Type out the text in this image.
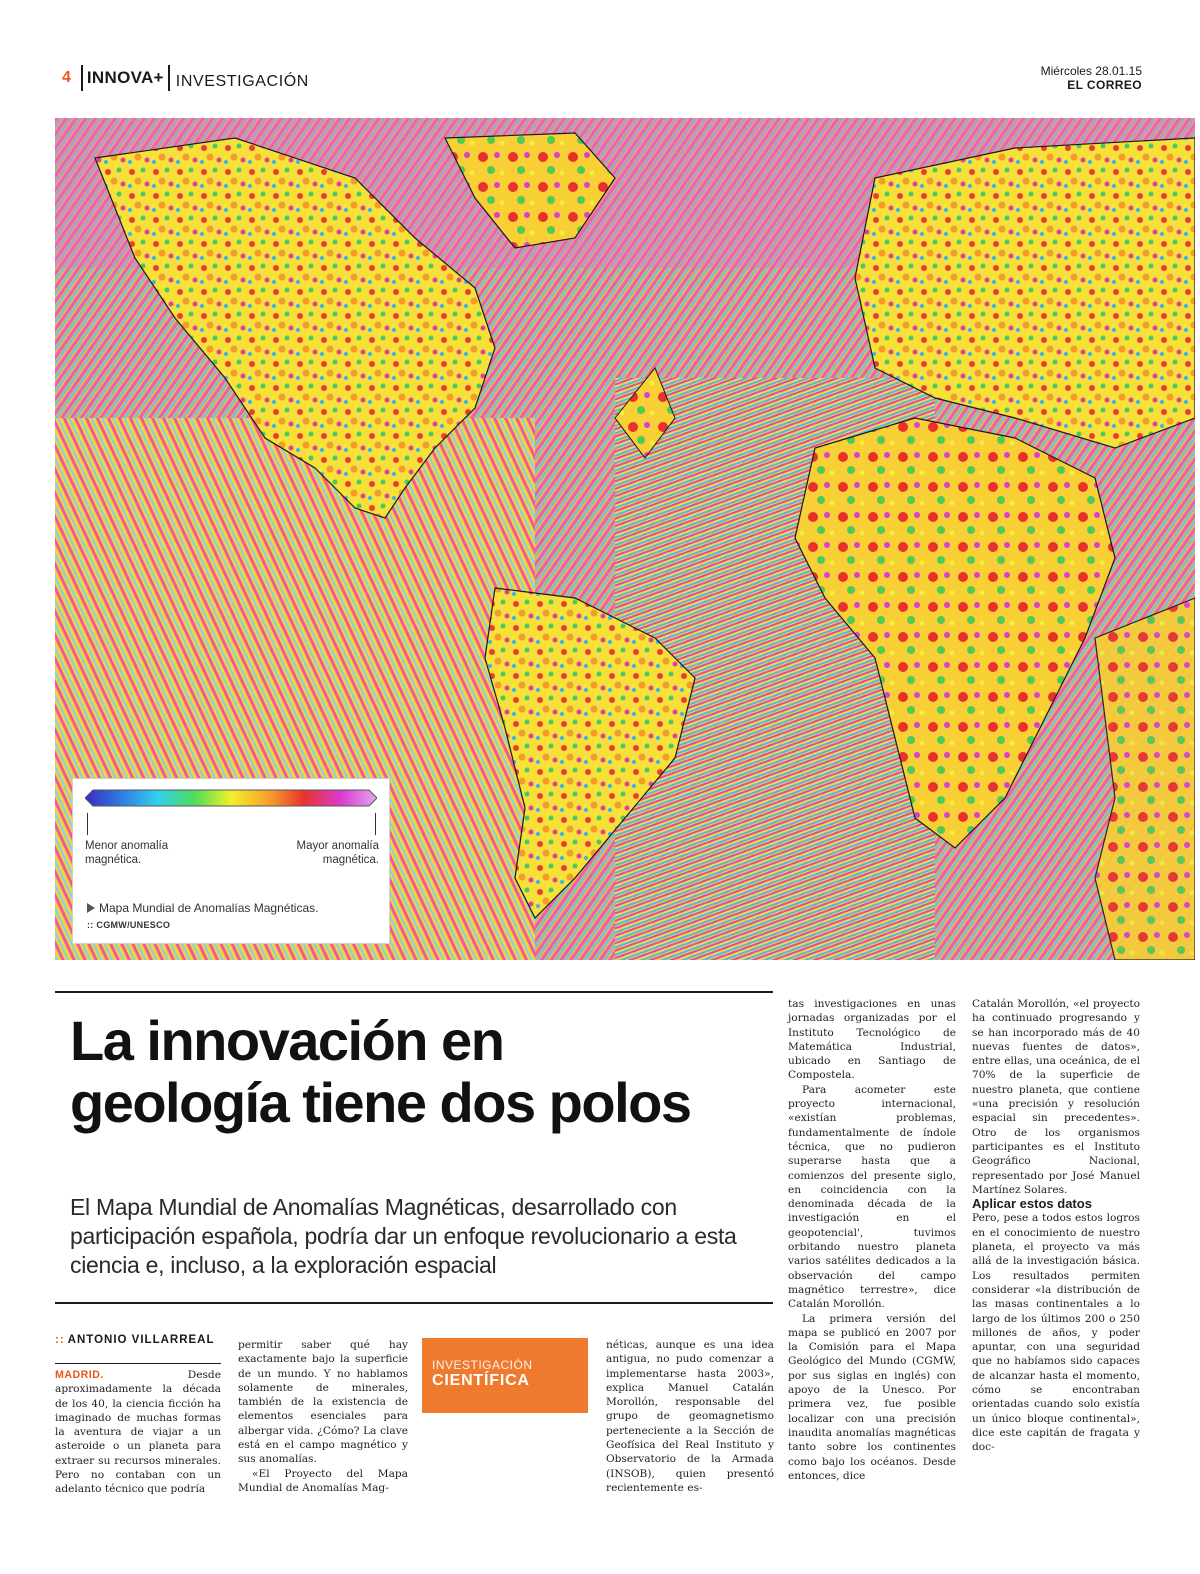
4 INNOVA+ INVESTIGACIÓN
Miércoles 28.01.15
EL CORREO
Menor anomalía magnética.
Mayor anomalía magnética.
Mapa Mundial de Anomalías Magnéticas.
:: CGMW/UNESCO
La innovación en
geología tiene dos polos
El Mapa Mundial de Anomalías Magnéticas, desarrollado con participación española, podría dar un enfoque revolucionario a esta ciencia e, incluso, a la exploración espacial
:: ANTONIO VILLARREAL

MADRID.	Desde aproximadamente la década de los 40, la ciencia ficción ha imaginado de muchas formas la aventura de viajar a un asteroide o un planeta para extraer su recursos minerales. Pero no contaban con un adelanto técnico que podría

permitir saber qué hay exactamente bajo la superficie de un mundo. Y no hablamos solamente de minerales, también de la existencia de elementos esenciales para albergar vida. ¿Cómo? La clave está en el campo magnético y sus anomalías.

«El Proyecto del Mapa Mundial de Anomalías Mag-

INVESTIGACIÓN
CIENTÍFICA

néticas, aunque es una idea antigua, no pudo comenzar a implementarse hasta 2003», explica Manuel Catalán Morollón, responsable del grupo de geomagnetismo perteneciente a la Sección de Geofísica del Real Instituto y Observatorio de la Armada (INSOB), quien presentó recientemente es-

tas investigaciones en unas jornadas organizadas por el Instituto Tecnológico de Matemática Industrial, ubicado en Santiago de Compostela.

Para acometer este proyecto internacional, «existían problemas, fundamentalmente de índole técnica, que no pudieron superarse hasta que a comienzos del presente siglo, en coincidencia con la denominada década de la investigación en el geopotencial', tuvimos orbitando nuestro planeta varios satélites dedicados a la observación del campo magnético terrestre», dice Catalán Morollón.

La primera versión del mapa se publicó en 2007 por la Comisión para el Mapa Geológico del Mundo (CGMW, por sus siglas en inglés) con apoyo de la Unesco. Por primera vez, fue posible localizar con una precisión inaudita anomalías magnéticas tanto sobre los continentes como bajo los océanos. Desde entonces, dice

Catalán Morollón, «el proyecto ha continuado progresando y se han incorporado más de 40 nuevas fuentes de datos», entre ellas, una oceánica, de el 70% de la superficie de nuestro planeta, que contiene «una precisión y resolución espacial sin precedentes». Otro de los organismos participantes es el Instituto Geográfico Nacional, representado por José Manuel Martínez Solares.

Aplicar estos datos

Pero, pese a todos estos logros en el conocimiento de nuestro planeta, el proyecto va más allá de la investigación básica. Los resultados permiten considerar «la distribución de las masas continentales a lo largo de los últimos 200 o 250 millones de años, y poder apuntar, con una seguridad que no habíamos sido capaces de alcanzar hasta el momento, cómo se encontraban orientadas cuando solo existía un único bloque continental», dice este capitán de fragata y doc-
